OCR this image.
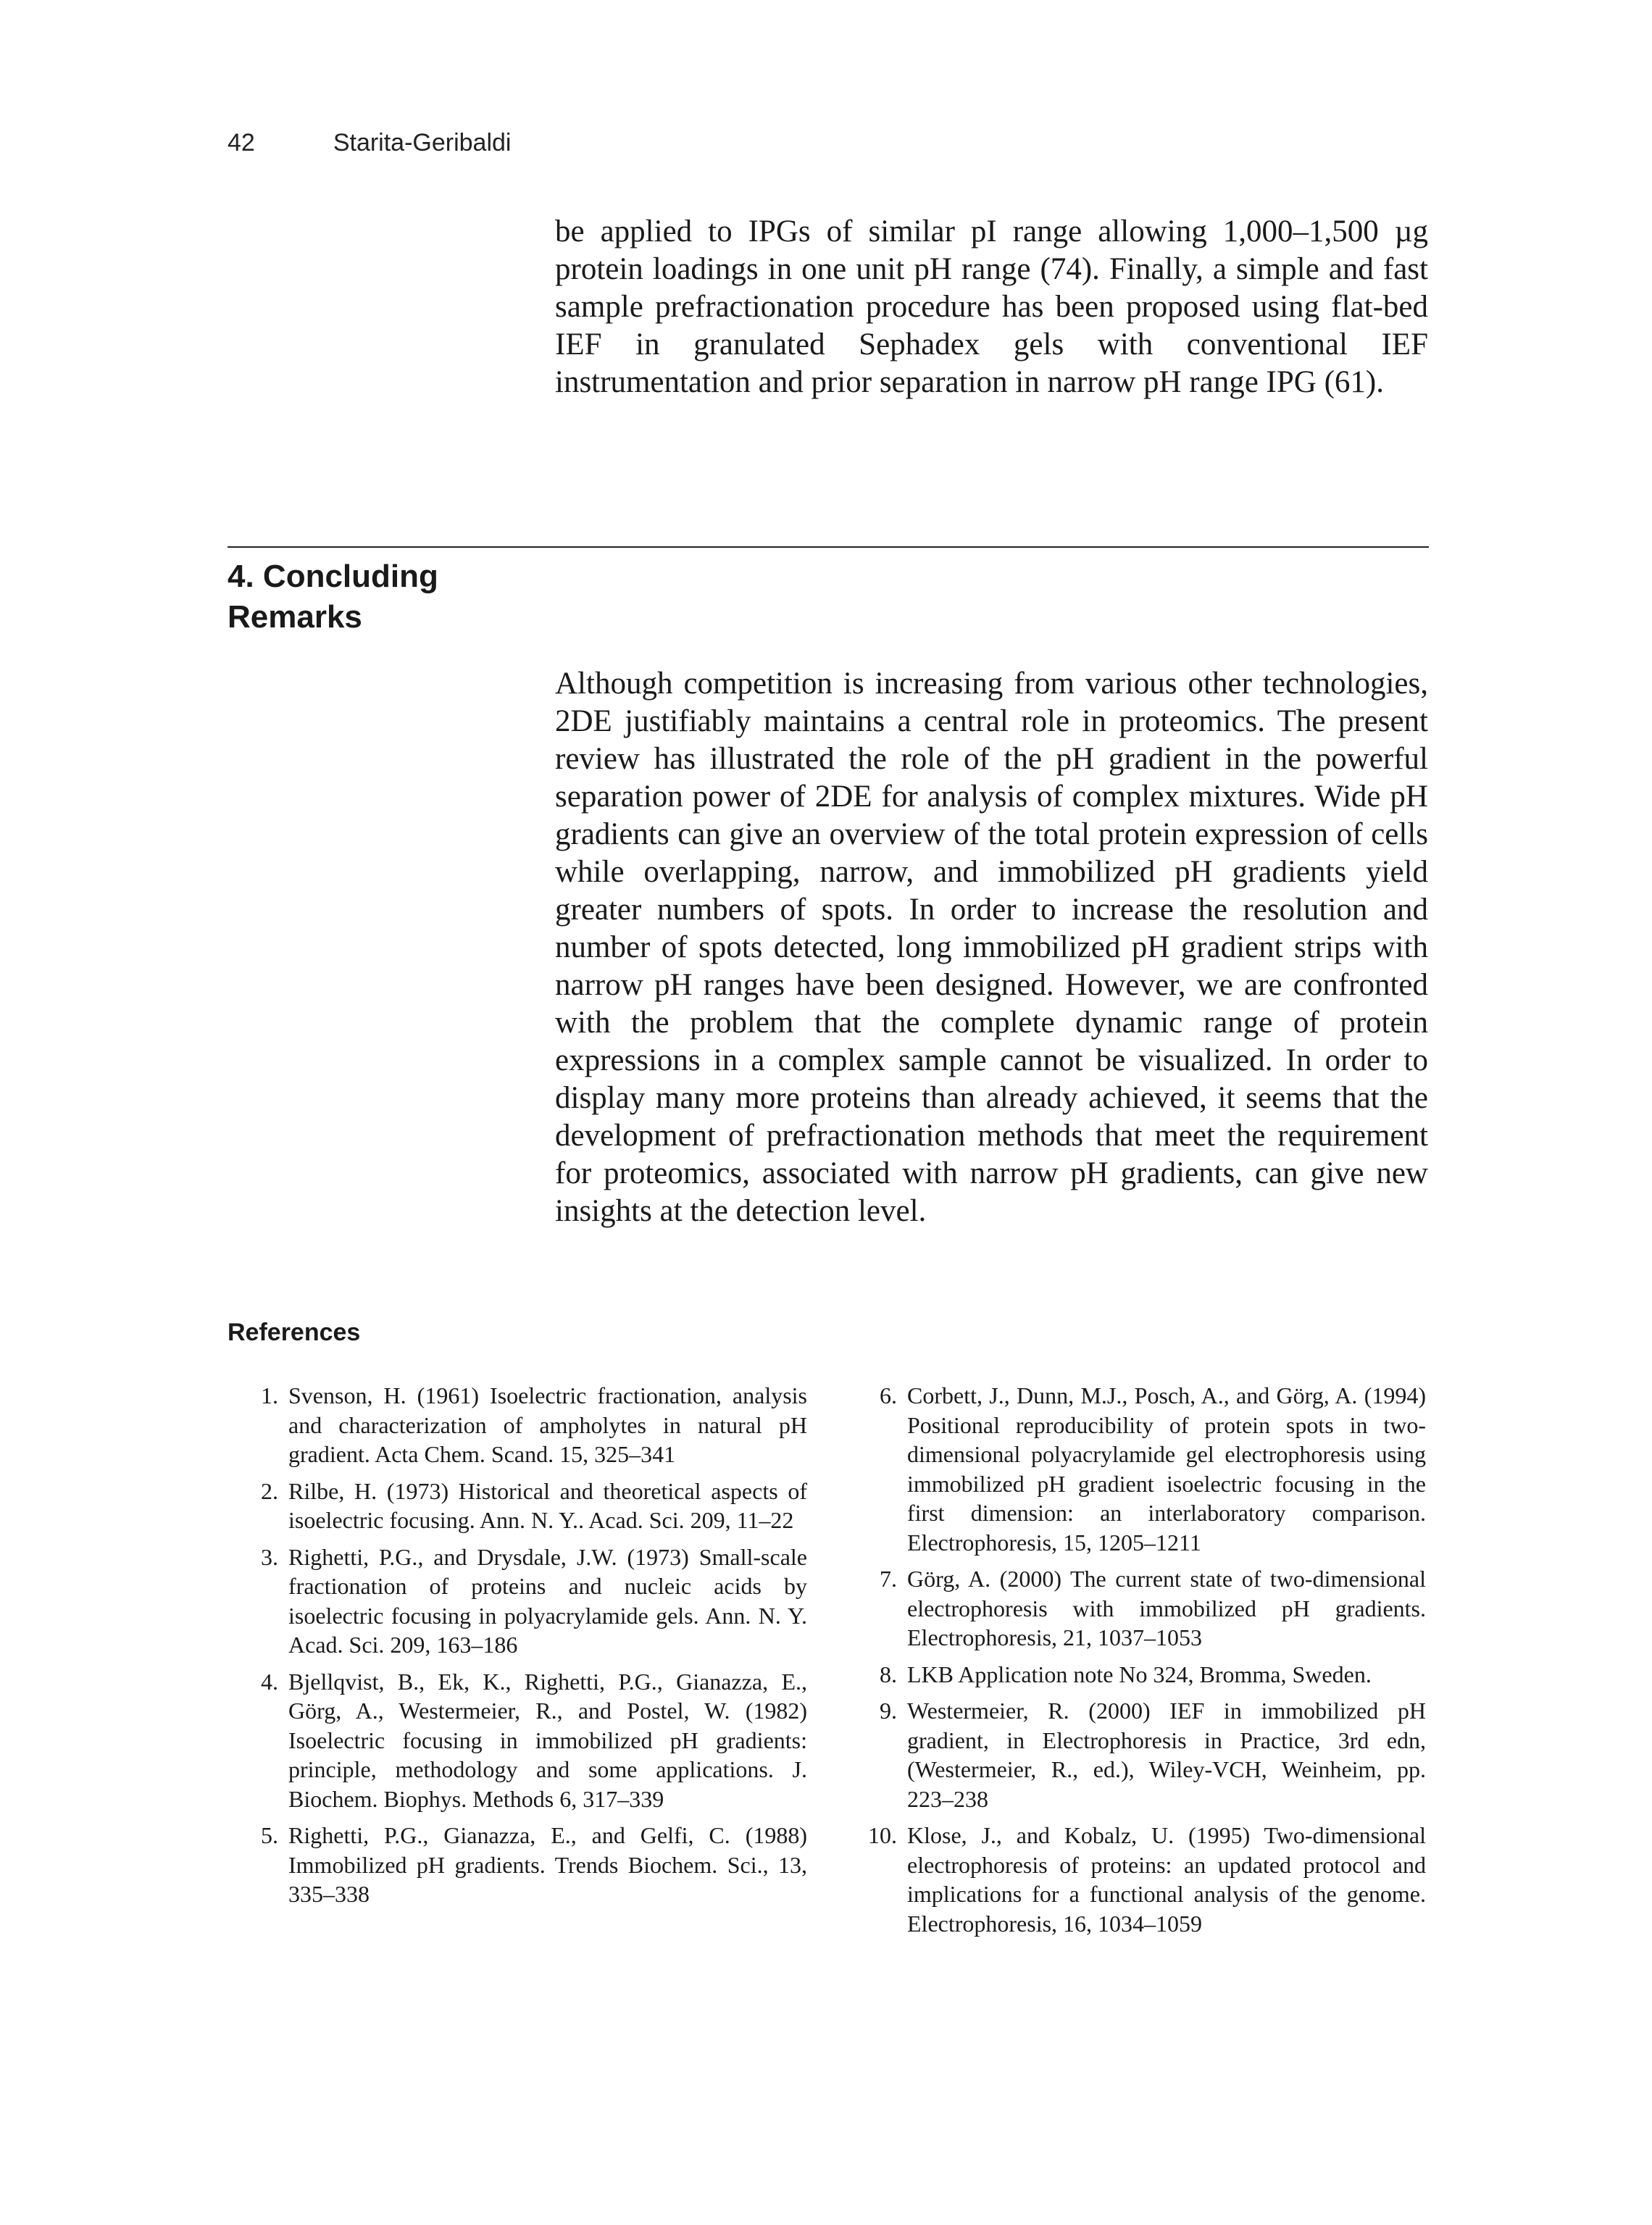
42	Starita-Geribaldi

be applied to IPGs of similar pI range allowing 1,000–1,500 µg protein loadings in one unit pH range (74). Finally, a simple and fast sample prefractionation procedure has been proposed using flat-bed IEF in granulated Sephadex gels with conventional IEF instrumentation and prior separation in narrow pH range IPG (61).

4. Concluding Remarks

Although competition is increasing from various other technologies, 2DE justifiably maintains a central role in proteomics. The present review has illustrated the role of the pH gradient in the powerful separation power of 2DE for analysis of complex mixtures. Wide pH gradients can give an overview of the total protein expression of cells while overlapping, narrow, and immobilized pH gradients yield greater numbers of spots. In order to increase the resolution and number of spots detected, long immobilized pH gradient strips with narrow pH ranges have been designed. However, we are confronted with the problem that the complete dynamic range of protein expressions in a complex sample cannot be visualized. In order to display many more proteins than already achieved, it seems that the development of prefractionation methods that meet the requirement for proteomics, associated with narrow pH gradients, can give new insights at the detection level.

References
1. Svenson, H. (1961) Isoelectric fractionation, analysis and characterization of ampholytes in natural pH gradient. Acta Chem. Scand. 15, 325–341
2. Rilbe, H. (1973) Historical and theoretical aspects of isoelectric focusing. Ann. N. Y.. Acad. Sci. 209, 11–22
3. Righetti, P.G., and Drysdale, J.W. (1973) Small-scale fractionation of proteins and nucleic acids by isoelectric focusing in polyacrylamide gels. Ann. N. Y. Acad. Sci. 209, 163–186
4. Bjellqvist, B., Ek, K., Righetti, P.G., Gianazza, E., Görg, A., Westermeier, R., and Postel, W. (1982) Isoelectric focusing in immobilized pH gradients: principle, methodology and some applications. J. Biochem. Biophys. Methods 6, 317–339
5. Righetti, P.G., Gianazza, E., and Gelfi, C. (1988) Immobilized pH gradients. Trends Biochem. Sci., 13, 335–338
6. Corbett, J., Dunn, M.J., Posch, A., and Görg, A. (1994) Positional reproducibility of protein spots in two-dimensional polyacrylamide gel electrophoresis using immobilized pH gradient isoelectric focusing in the first dimension: an interlaboratory comparison. Electrophoresis, 15, 1205–1211
7. Görg, A. (2000) The current state of two-dimensional electrophoresis with immobilized pH gradients. Electrophoresis, 21, 1037–1053
8. LKB Application note No 324, Bromma, Sweden.
9. Westermeier, R. (2000) IEF in immobilized pH gradient, in Electrophoresis in Practice, 3rd edn, (Westermeier, R., ed.), Wiley-VCH, Weinheim, pp. 223–238
10. Klose, J., and Kobalz, U. (1995) Two-dimensional electrophoresis of proteins: an updated protocol and implications for a functional analysis of the genome. Electrophoresis, 16, 1034–1059
